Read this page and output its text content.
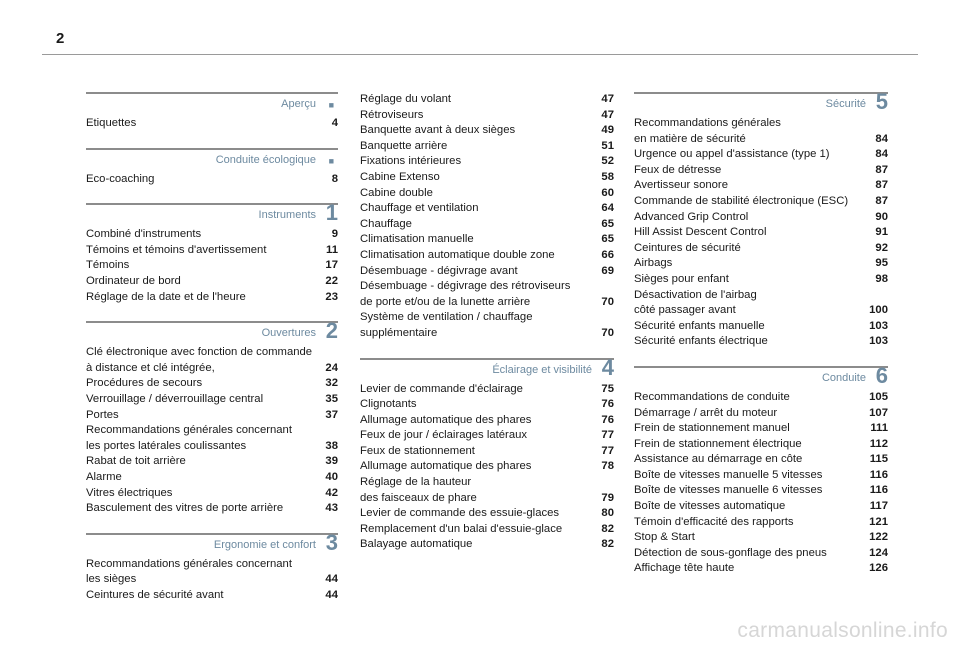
2
Aperçu ■
Etiquettes	4
Conduite écologique ■
Eco-coaching	8
Instruments 1
Combiné d'instruments	9
Témoins et témoins d'avertissement	11
Témoins	17
Ordinateur de bord	22
Réglage de la date et de l'heure	23
Ouvertures 2
Clé électronique avec fonction de commande
à distance et clé intégrée,	24
Procédures de secours	32
Verrouillage / déverrouillage central	35
Portes	37
Recommandations générales concernant
les portes latérales coulissantes	38
Rabat de toit arrière	39
Alarme	40
Vitres électriques	42
Basculement des vitres de porte arrière	43
Ergonomie et confort 3
Recommandations générales concernant
les sièges	44
Ceintures de sécurité avant	44
Réglage du volant	47
Rétroviseurs	47
Banquette avant à deux sièges	49
Banquette arrière	51
Fixations intérieures	52
Cabine Extenso	58
Cabine double	60
Chauffage et ventilation	64
Chauffage	65
Climatisation manuelle	65
Climatisation automatique double zone	66
Désembuage - dégivrage avant	69
Désembuage - dégivrage des rétroviseurs
de porte et/ou de la lunette arrière	70
Système de ventilation / chauffage
supplémentaire	70
Éclairage et visibilité 4
Levier de commande d'éclairage	75
Clignotants	76
Allumage automatique des phares	76
Feux de jour / éclairages latéraux	77
Feux de stationnement	77
Allumage automatique des phares	78
Réglage de la hauteur
des faisceaux de phare	79
Levier de commande des essuie-glaces	80
Remplacement d'un balai d'essuie-glace	82
Balayage automatique	82
Sécurité 5
Recommandations générales
en matière de sécurité	84
Urgence ou appel d'assistance (type 1)	84
Feux de détresse	87
Avertisseur sonore	87
Commande de stabilité électronique (ESC)	87
Advanced Grip Control	90
Hill Assist Descent Control	91
Ceintures de sécurité	92
Airbags	95
Sièges pour enfant	98
Désactivation de l'airbag
côté passager avant	100
Sécurité enfants manuelle	103
Sécurité enfants électrique	103
Conduite 6
Recommandations de conduite	105
Démarrage / arrêt du moteur	107
Frein de stationnement manuel	111
Frein de stationnement électrique	112
Assistance au démarrage en côte	115
Boîte de vitesses manuelle 5 vitesses	116
Boîte de vitesses manuelle 6 vitesses	116
Boîte de vitesses automatique	117
Témoin d'efficacité des rapports	121
Stop & Start	122
Détection de sous-gonflage des pneus	124
Affichage tête haute	126
carmanualsonline.info
